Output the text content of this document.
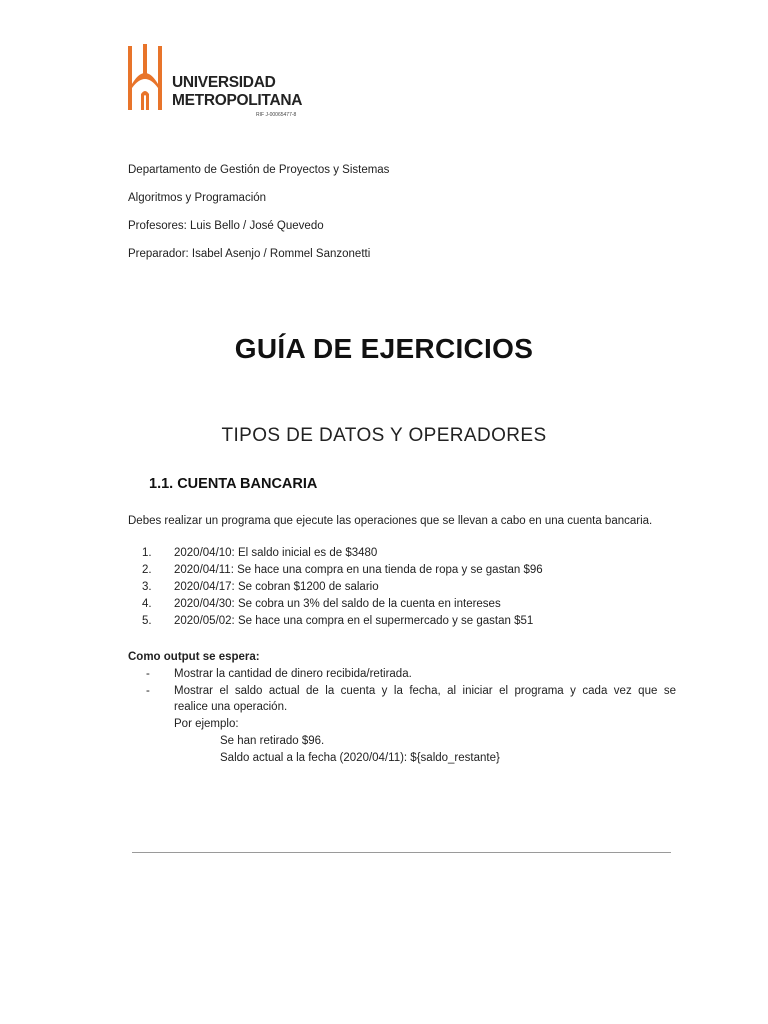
UNIVERSIDAD
METROPOLITANA
RIF J-00065477-8
Departamento de Gestión de Proyectos y Sistemas
Algoritmos y Programación
Profesores: Luis Bello / José Quevedo
Preparador: Isabel Asenjo / Rommel Sanzonetti
GUÍA DE EJERCICIOS
TIPOS DE DATOS Y OPERADORES
1.1. CUENTA BANCARIA
Debes realizar un programa que ejecute las operaciones que se llevan a cabo en una cuenta bancaria.
1. 2020/04/10: El saldo inicial es de $3480
2. 2020/04/11: Se hace una compra en una tienda de ropa y se gastan $96
3. 2020/04/17: Se cobran $1200 de salario
4. 2020/04/30: Se cobra un 3% del saldo de la cuenta en intereses
5. 2020/05/02: Se hace una compra en el supermercado y se gastan $51
Como output se espera:
- Mostrar la cantidad de dinero recibida/retirada.
- Mostrar el saldo actual de la cuenta y la fecha, al iniciar el programa y cada vez que se
realice una operación.
Por ejemplo:
Se han retirado $96.
Saldo actual a la fecha (2020/04/11): ${saldo_restante}
